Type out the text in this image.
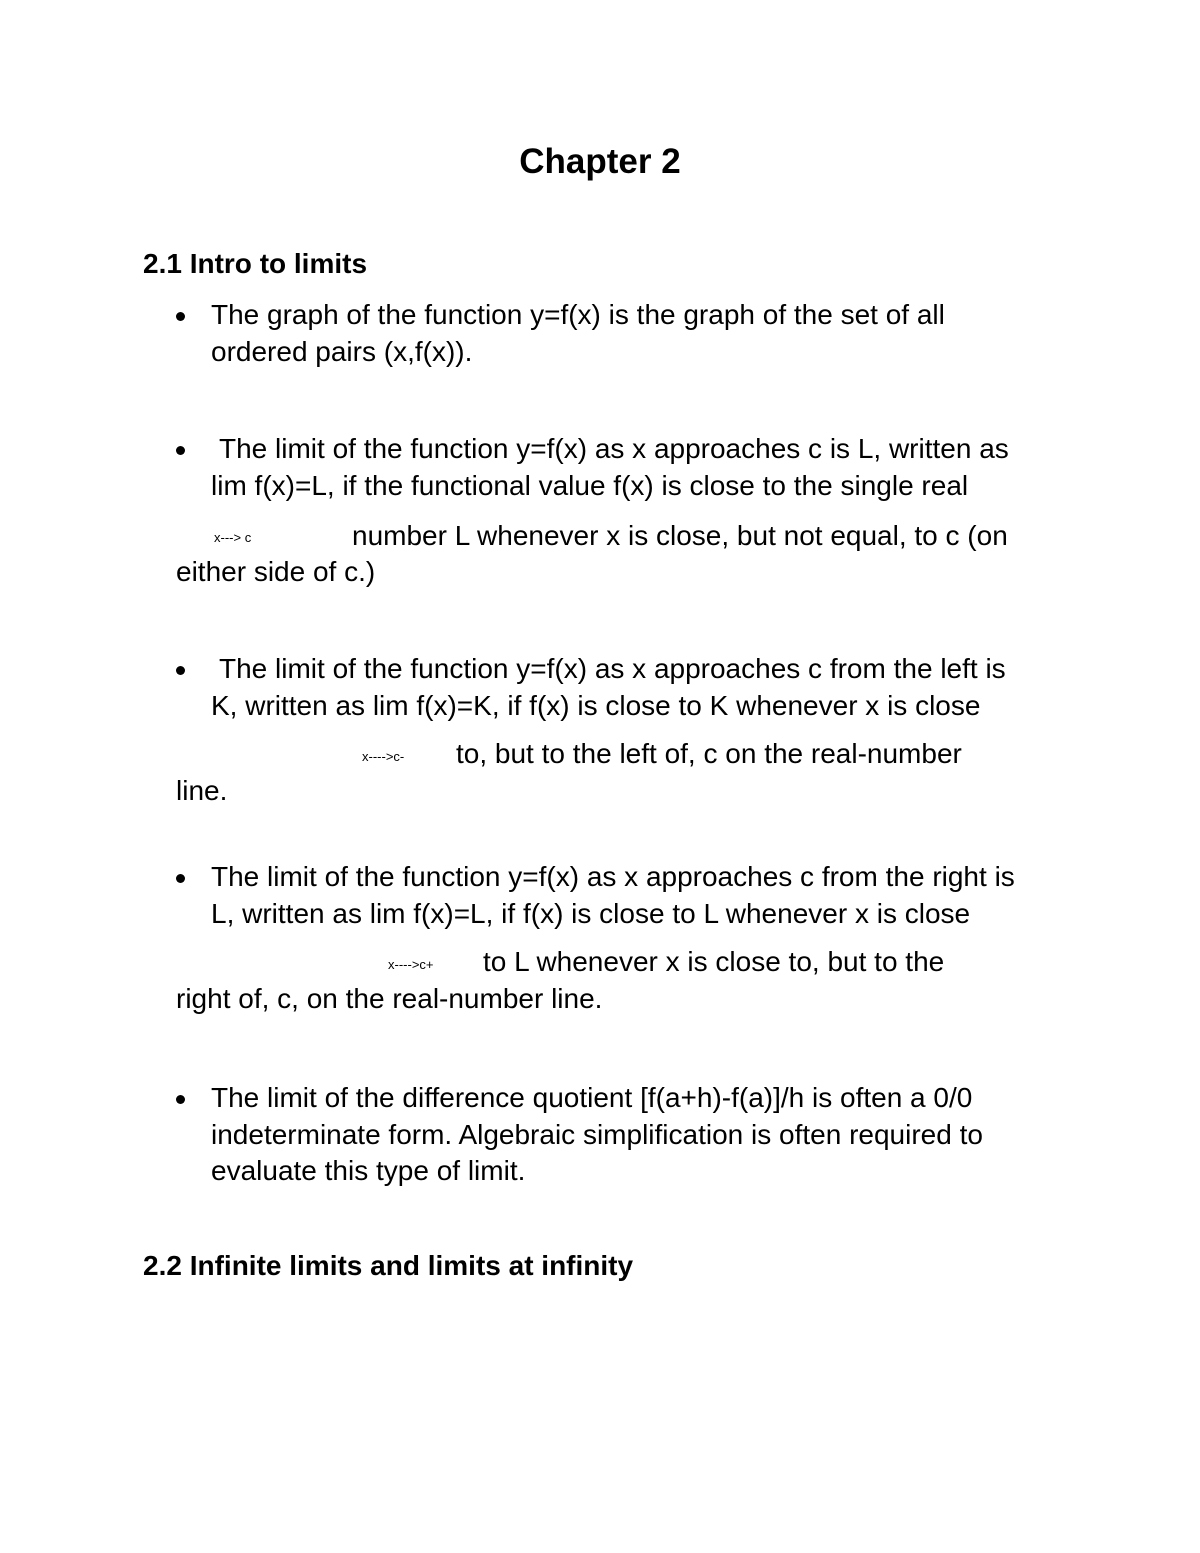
Chapter 2
2.1 Intro to limits
The graph of the function y=f(x) is the graph of the set of all
ordered pairs (x,f(x)).
The limit of the function y=f(x) as x approaches c is L, written as
lim f(x)=L, if the functional value f(x) is close to the single real
x---> c	number L whenever x is close, but not equal, to c (on
either side of c.)
The limit of the function y=f(x) as x approaches c from the left is
K, written as lim f(x)=K, if f(x) is close to K whenever x is close
x---->c- to, but to the left of, c on the real-number
line.
The limit of the function y=f(x) as x approaches c from the right is
L, written as lim f(x)=L, if f(x) is close to L whenever x is close
x---->c+ to L whenever x is close to, but to the
right of, c, on the real-number line.
The limit of the difference quotient [f(a+h)-f(a)]/h is often a 0/0
indeterminate form. Algebraic simplification is often required to
evaluate this type of limit.
2.2 Infinite limits and limits at infinity
